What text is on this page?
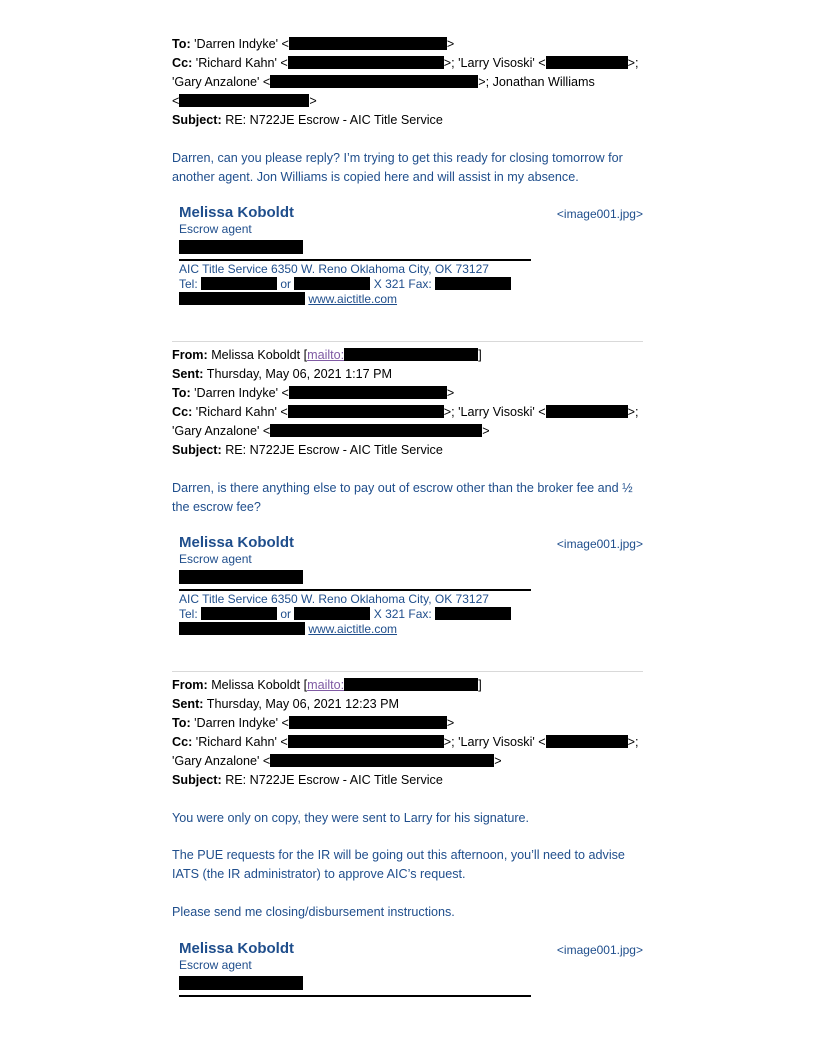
To: 'Darren Indyke' <	>
Cc: 'Richard Kahn' <	>; 'Larry Visoski' <	>;
'Gary Anzalone' <	>; Jonathan Williams
<	>
Subject: RE: N722JE Escrow - AIC Title Service
Darren, can you please reply? I’m trying to get this ready for closing tomorrow for another agent. Jon Williams is copied here and will assist in my absence.
Melissa Koboldt
Escrow agent
<image001.jpg>
AIC Title Service 6350 W. Reno Oklahoma City, OK 73127
Tel:	or	X 321 Fax:
www.aictitle.com
From: Melissa Koboldt [mailto:	]
Sent: Thursday, May 06, 2021 1:17 PM
To: 'Darren Indyke' <	>
Cc: 'Richard Kahn' <	>; 'Larry Visoski' <	>;
'Gary Anzalone' <	>
Subject: RE: N722JE Escrow - AIC Title Service
Darren, is there anything else to pay out of escrow other than the broker fee and ½ the escrow fee?
Melissa Koboldt
Escrow agent
<image001.jpg>
AIC Title Service 6350 W. Reno Oklahoma City, OK 73127
Tel:	or	X 321 Fax:
www.aictitle.com
From: Melissa Koboldt [mailto:	]
Sent: Thursday, May 06, 2021 12:23 PM
To: 'Darren Indyke' <	>
Cc: 'Richard Kahn' <	>; 'Larry Visoski' <	>;
'Gary Anzalone' <	>
Subject: RE: N722JE Escrow - AIC Title Service
You were only on copy, they were sent to Larry for his signature.
The PUE requests for the IR will be going out this afternoon, you’ll need to advise IATS (the IR administrator) to approve AIC’s request.
Please send me closing/disbursement instructions.
Melissa Koboldt
Escrow agent
<image001.jpg>
